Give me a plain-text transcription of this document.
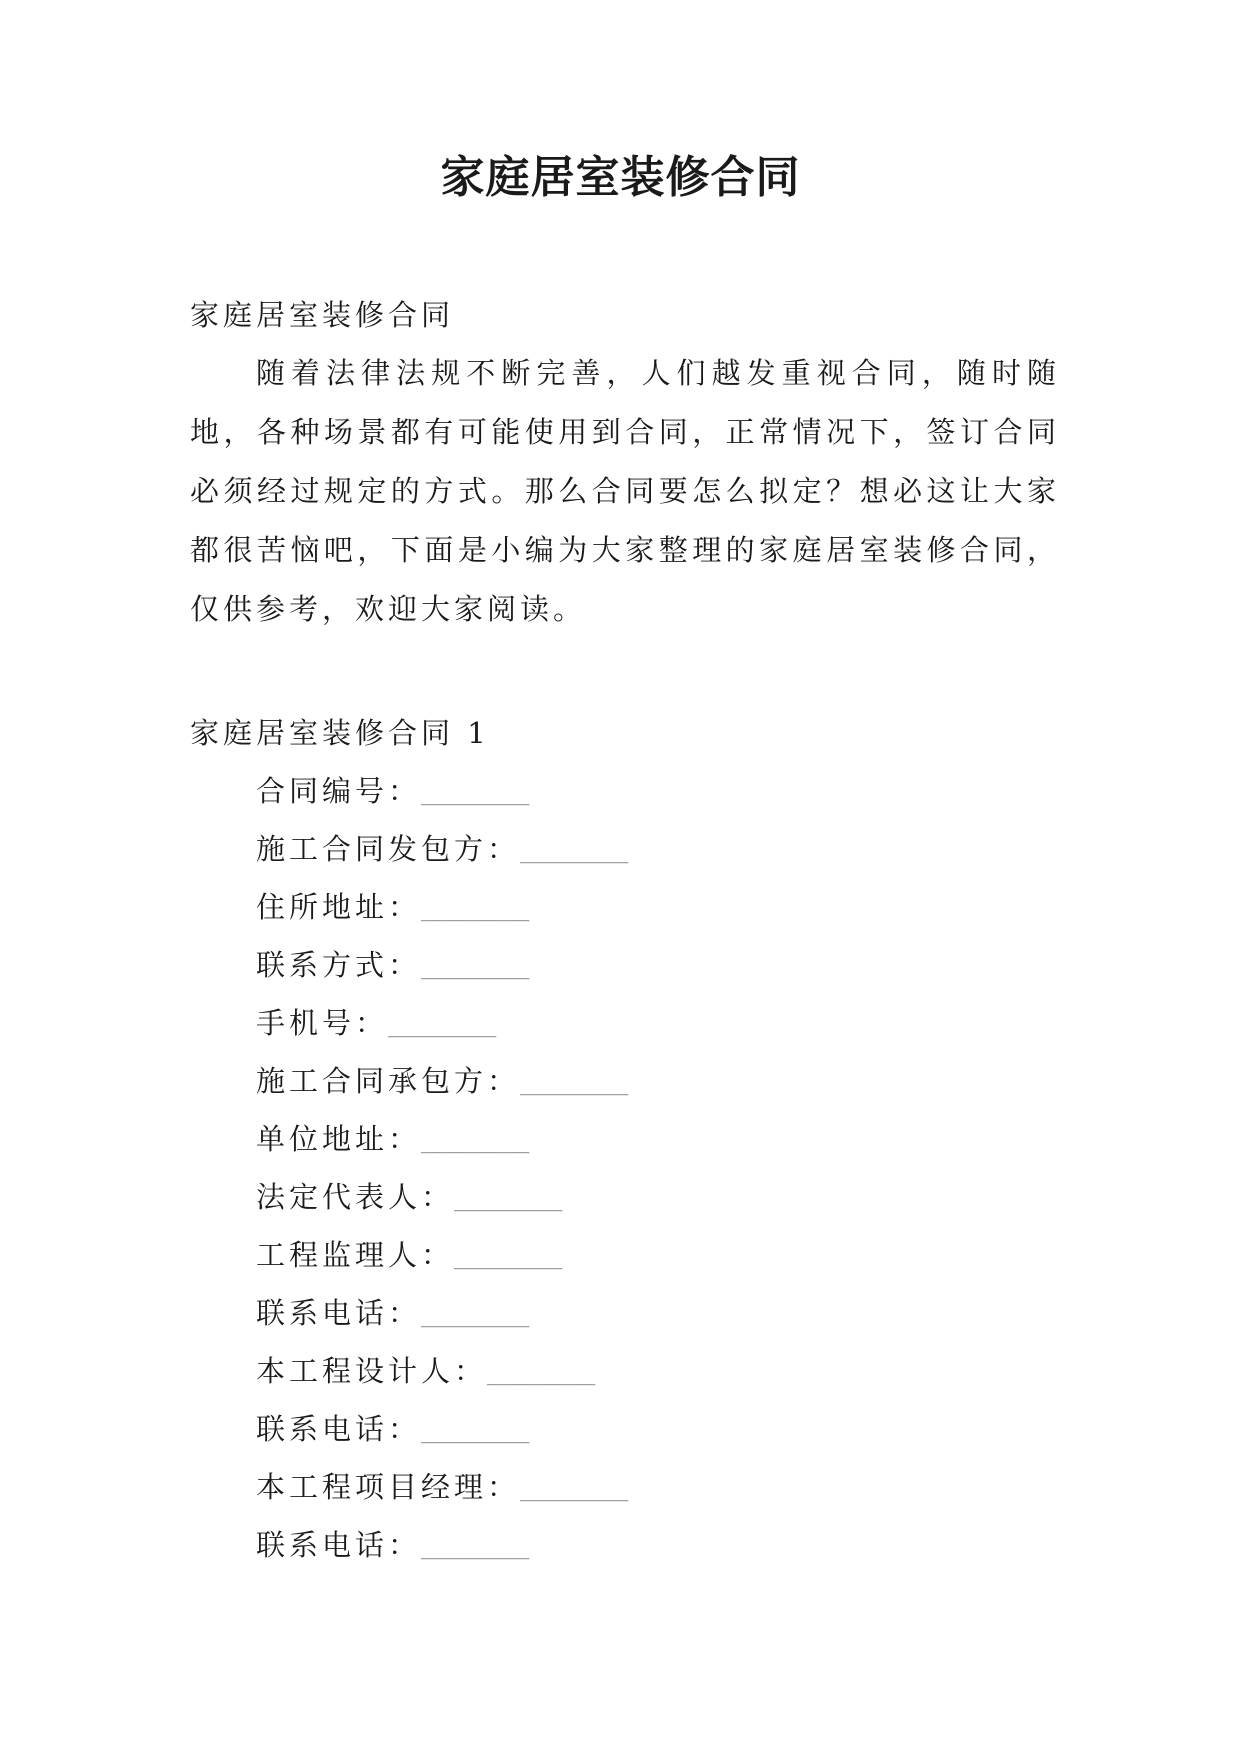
家庭居室装修合同
家庭居室装修合同
随着法律法规不断完善，人们越发重视合同，随时随地，各种场景都有可能使用到合同，正常情况下，签订合同必须经过规定的方式。那么合同要怎么拟定？想必这让大家都很苦恼吧，下面是小编为大家整理的家庭居室装修合同，仅供参考，欢迎大家阅读。
家庭居室装修合同 1
合同编号：__________
施工合同发包方：__________
住所地址：__________
联系方式：__________
手机号：__________
施工合同承包方：__________
单位地址：__________
法定代表人：__________
工程监理人：__________
联系电话：__________
本工程设计人：__________
联系电话：__________
本工程项目经理：__________
联系电话：__________
